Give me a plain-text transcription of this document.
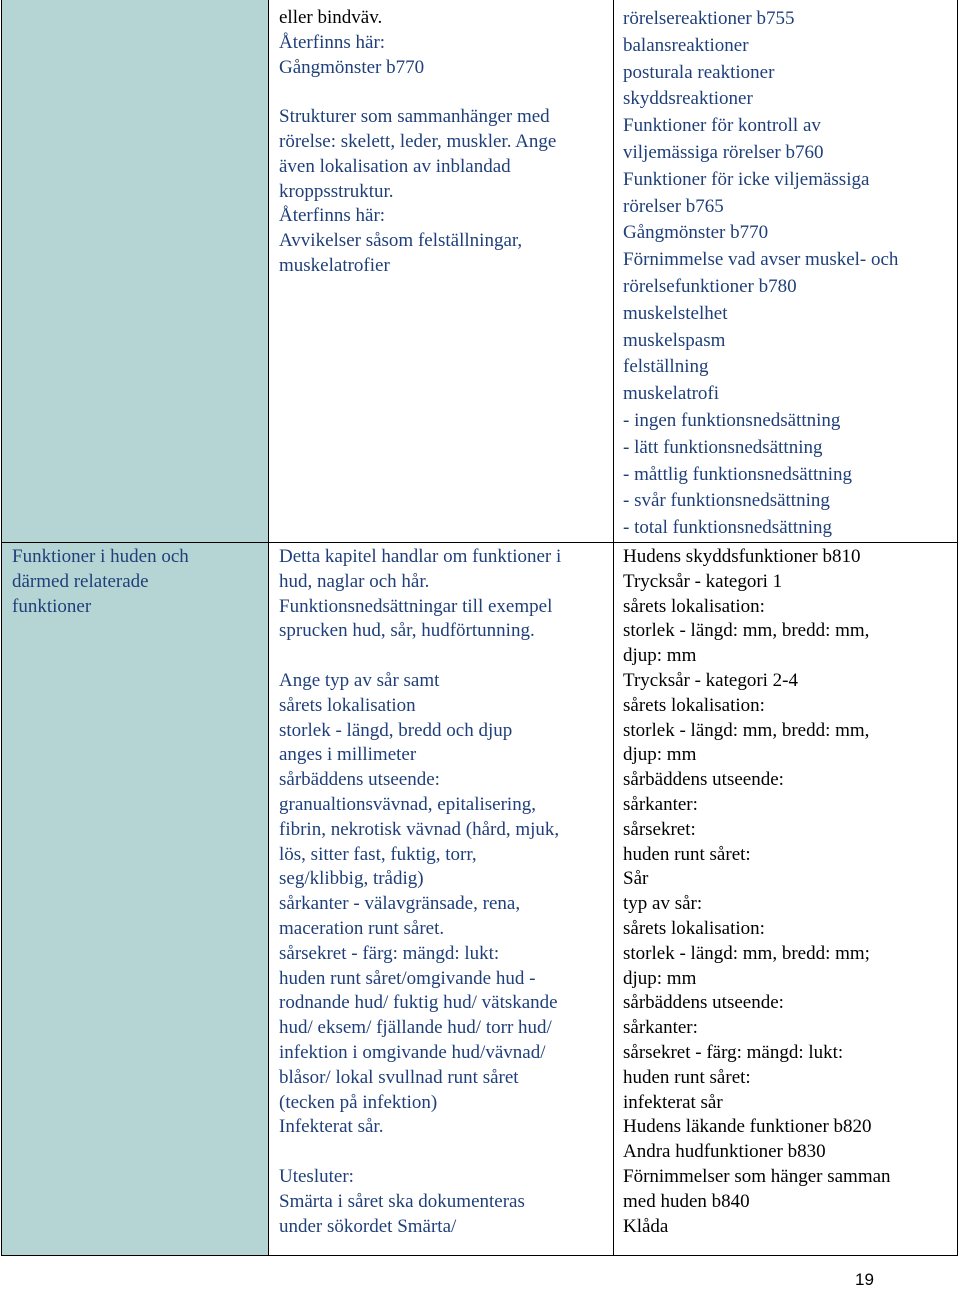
Funktioner i huden och
därmed relaterade
funktioner
eller bindväv.
Återfinns här:
Gångmönster b770
Strukturer som sammanhänger med
rörelse: skelett, leder, muskler. Ange
även lokalisation av inblandad
kroppsstruktur.
Återfinns här:
Avvikelser såsom felställningar,
muskelatrofier
Detta kapitel handlar om funktioner i
hud, naglar och hår.
Funktionsnedsättningar till exempel
sprucken hud, sår, hudförtunning.
Ange typ av sår samt
sårets lokalisation
storlek - längd, bredd och djup
anges i millimeter
sårbäddens utseende:
granualtionsvävnad, epitalisering,
fibrin, nekrotisk vävnad (hård, mjuk,
lös, sitter fast, fuktig, torr,
seg/klibbig, trådig)
sårkanter - välavgränsade, rena,
maceration runt såret.
sårsekret - färg: mängd: lukt:
huden runt såret/omgivande hud -
rodnande hud/ fuktig hud/ vätskande
hud/ eksem/ fjällande hud/ torr hud/
infektion i omgivande hud/vävnad/
blåsor/ lokal svullnad runt såret
(tecken på infektion)
Infekterat sår.
Utesluter:
Smärta i såret ska dokumenteras
under sökordet Smärta/
rörelsereaktioner b755
balansreaktioner
posturala reaktioner
skyddsreaktioner
Funktioner för kontroll av
viljemässiga rörelser b760
Funktioner för icke viljemässiga
rörelser b765
Gångmönster b770
Förnimmelse vad avser muskel- och
rörelsefunktioner b780
muskelstelhet
muskelspasm
felställning
muskelatrofi
- ingen funktionsnedsättning
- lätt funktionsnedsättning
- måttlig funktionsnedsättning
- svår funktionsnedsättning
- total funktionsnedsättning
Hudens skyddsfunktioner b810
Trycksår - kategori 1
sårets lokalisation:
storlek - längd: mm, bredd: mm,
djup: mm
Trycksår - kategori 2-4
sårets lokalisation:
storlek - längd: mm, bredd: mm,
djup: mm
sårbäddens utseende:
sårkanter:
sårsekret:
huden runt såret:
Sår
typ av sår:
sårets lokalisation:
storlek - längd: mm, bredd: mm;
djup: mm
sårbäddens utseende:
sårkanter:
sårsekret - färg: mängd: lukt:
huden runt såret:
infekterat sår
Hudens läkande funktioner b820
Andra hudfunktioner b830
Förnimmelser som hänger samman
med huden b840
Klåda
19
